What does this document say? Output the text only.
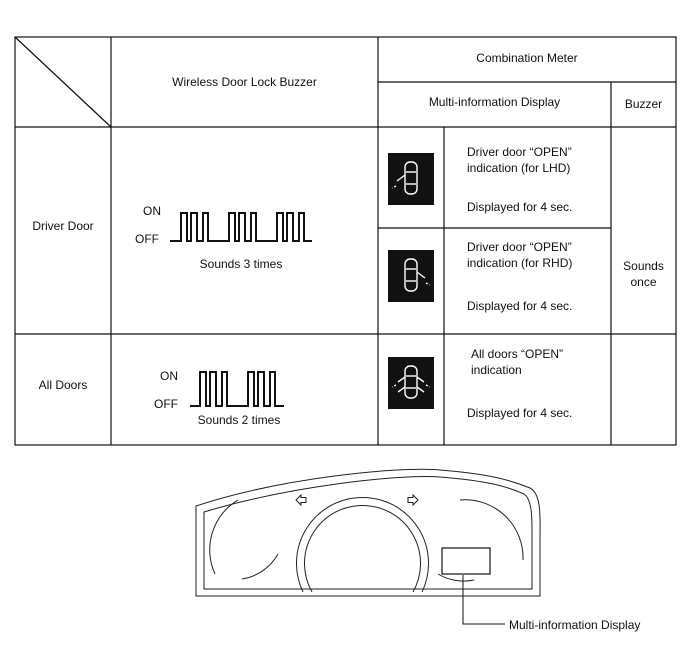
Wireless Door Lock Buzzer
Combination Meter
Multi-information Display	Buzzer
Driver Door
All Doors
ON
OFF
Sounds 3 times
ON
OFF
Sounds 2 times
Driver door “OPEN”
indication (for LHD)
Displayed for 4 sec.
Driver door “OPEN”
indication (for RHD)
Displayed for 4 sec.
All doors “OPEN”
indication
Displayed for 4 sec.
Sounds
once
Multi-information Display
